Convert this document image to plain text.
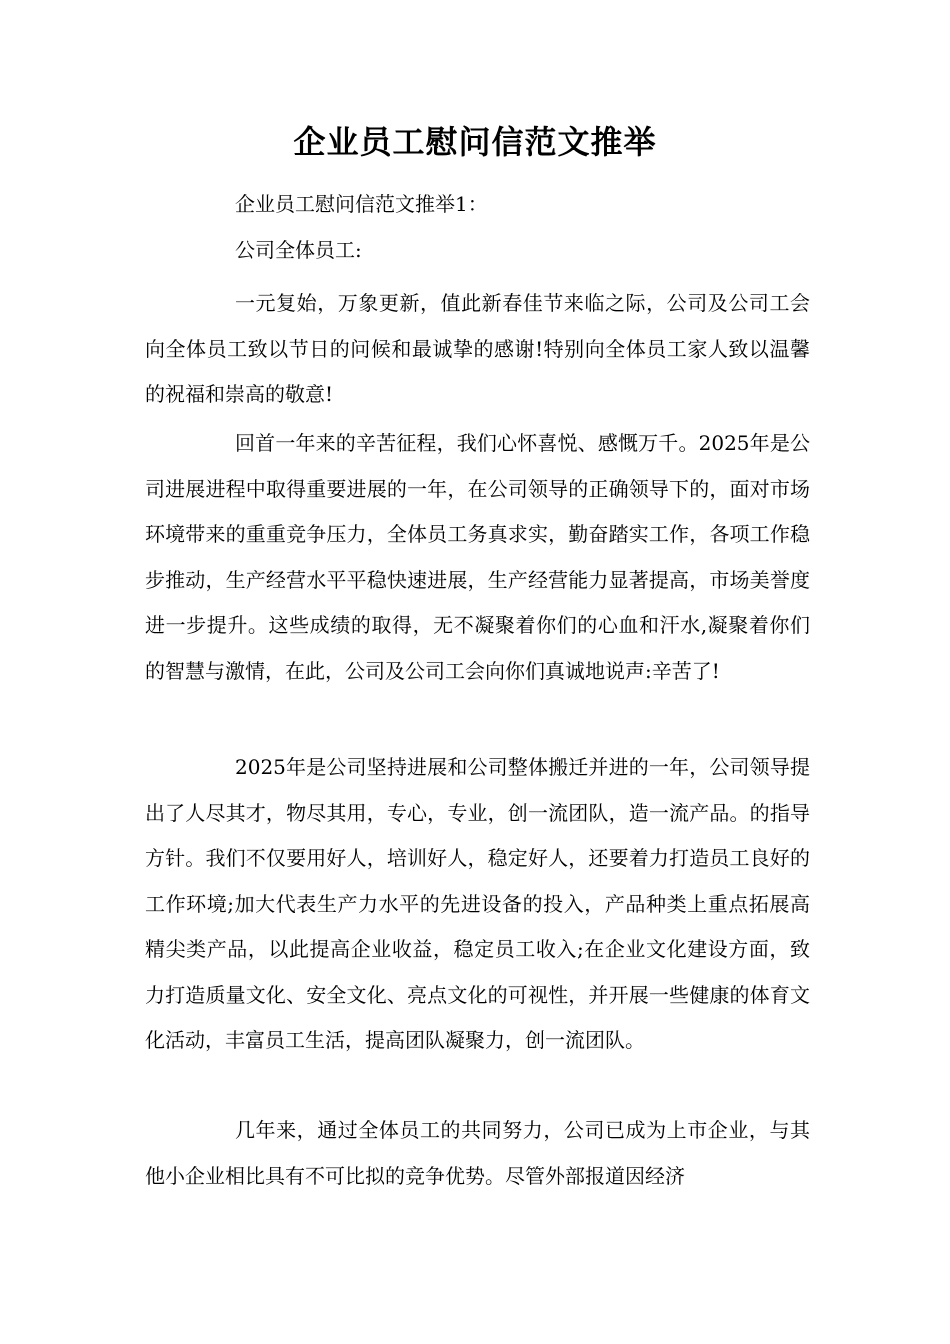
企业员工慰问信范文推举

企业员工慰问信范文推举1：

公司全体员工:

一元复始，万象更新，值此新春佳节来临之际，公司及公司工会向全体员工致以节日的问候和最诚挚的感谢!特别向全体员工家人致以温馨的祝福和崇高的敬意!

回首一年来的辛苦征程，我们心怀喜悦、感慨万千。2025年是公司进展进程中取得重要进展的一年，在公司领导的正确领导下的，面对市场环境带来的重重竞争压力，全体员工务真求实，勤奋踏实工作，各项工作稳步推动，生产经营水平平稳快速进展，生产经营能力显著提高，市场美誉度进一步提升。这些成绩的取得，无不凝聚着你们的心血和汗水,凝聚着你们的智慧与激情，在此，公司及公司工会向你们真诚地说声:辛苦了!

2025年是公司坚持进展和公司整体搬迁并进的一年，公司领导提出了人尽其才，物尽其用，专心，专业，创一流团队，造一流产品。的指导方针。我们不仅要用好人，培训好人，稳定好人，还要着力打造员工良好的工作环境;加大代表生产力水平的先进设备的投入，产品种类上重点拓展高精尖类产品，以此提高企业收益，稳定员工收入;在企业文化建设方面，致力打造质量文化、安全文化、亮点文化的可视性，并开展一些健康的体育文化活动，丰富员工生活，提高团队凝聚力，创一流团队。

几年来，通过全体员工的共同努力，公司已成为上市企业，与其他小企业相比具有不可比拟的竞争优势。尽管外部报道因经济
